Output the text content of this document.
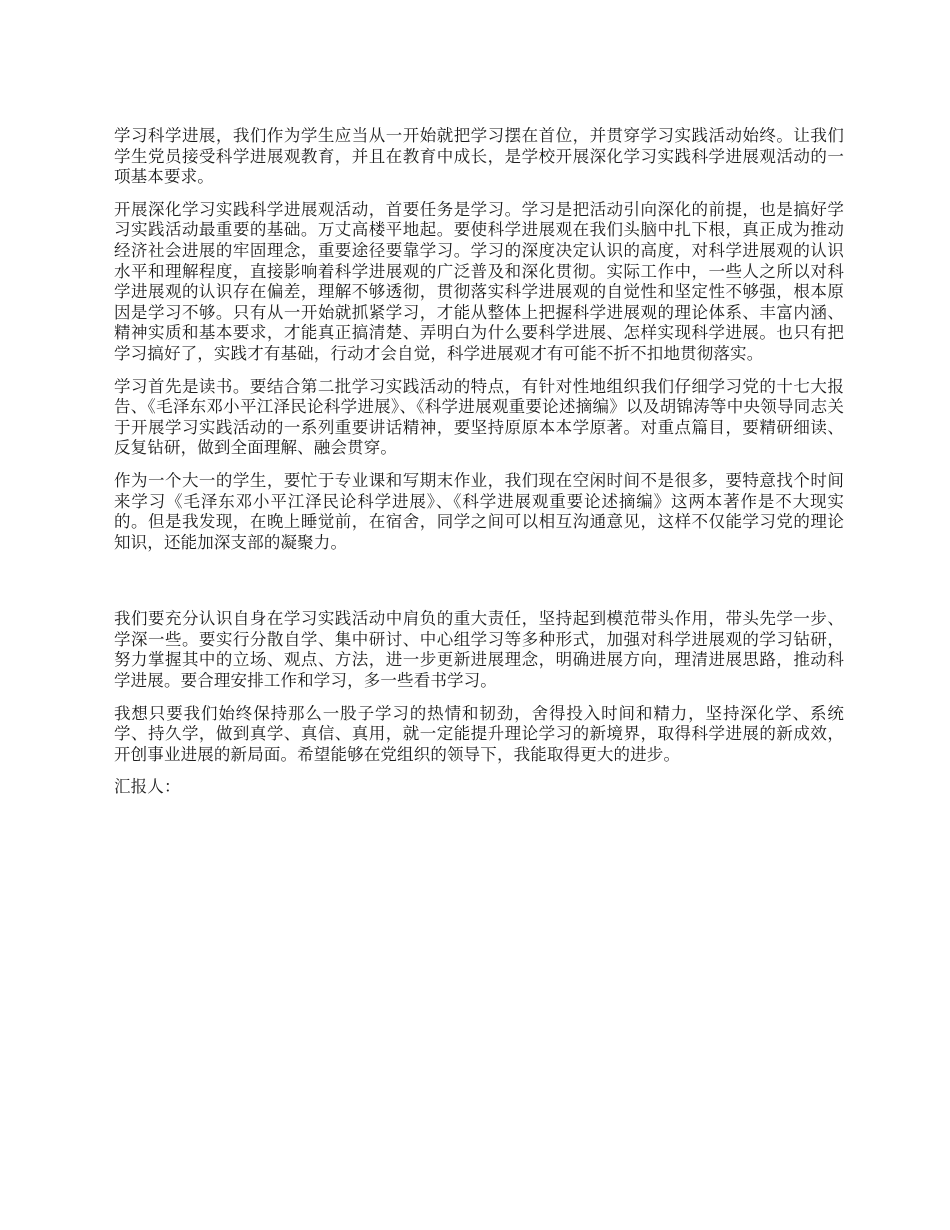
学习科学进展，我们作为学生应当从一开始就把学习摆在首位，并贯穿学习实践活动始终。让我们学生党员接受科学进展观教育，并且在教育中成长，是学校开展深化学习实践科学进展观活动的一项基本要求。

开展深化学习实践科学进展观活动，首要任务是学习。学习是把活动引向深化的前提，也是搞好学习实践活动最重要的基础。万丈高楼平地起。要使科学进展观在我们头脑中扎下根，真正成为推动经济社会进展的牢固理念，重要途径要靠学习。学习的深度决定认识的高度，对科学进展观的认识水平和理解程度，直接影响着科学进展观的广泛普及和深化贯彻。实际工作中，一些人之所以对科学进展观的认识存在偏差，理解不够透彻，贯彻落实科学进展观的自觉性和坚定性不够强，根本原因是学习不够。只有从一开始就抓紧学习，才能从整体上把握科学进展观的理论体系、丰富内涵、精神实质和基本要求，才能真正搞清楚、弄明白为什么要科学进展、怎样实现科学进展。也只有把学习搞好了，实践才有基础，行动才会自觉，科学进展观才有可能不折不扣地贯彻落实。

学习首先是读书。要结合第二批学习实践活动的特点，有针对性地组织我们仔细学习党的十七大报告、《毛泽东邓小平江泽民论科学进展》、《科学进展观重要论述摘编》以及胡锦涛等中央领导同志关于开展学习实践活动的一系列重要讲话精神，要坚持原原本本学原著。对重点篇目，要精研细读、反复钻研，做到全面理解、融会贯穿。

作为一个大一的学生，要忙于专业课和写期末作业，我们现在空闲时间不是很多，要特意找个时间来学习《毛泽东邓小平江泽民论科学进展》、《科学进展观重要论述摘编》这两本著作是不大现实的。但是我发现，在晚上睡觉前，在宿舍，同学之间可以相互沟通意见，这样不仅能学习党的理论知识，还能加深支部的凝聚力。

我们要充分认识自身在学习实践活动中肩负的重大责任，坚持起到模范带头作用，带头先学一步、学深一些。要实行分散自学、集中研讨、中心组学习等多种形式，加强对科学进展观的学习钻研，努力掌握其中的立场、观点、方法，进一步更新进展理念，明确进展方向，理清进展思路，推动科学进展。要合理安排工作和学习，多一些看书学习。

我想只要我们始终保持那么一股子学习的热情和韧劲，舍得投入时间和精力，坚持深化学、系统学、持久学，做到真学、真信、真用，就一定能提升理论学习的新境界，取得科学进展的新成效，开创事业进展的新局面。希望能够在党组织的领导下，我能取得更大的进步。

汇报人：
